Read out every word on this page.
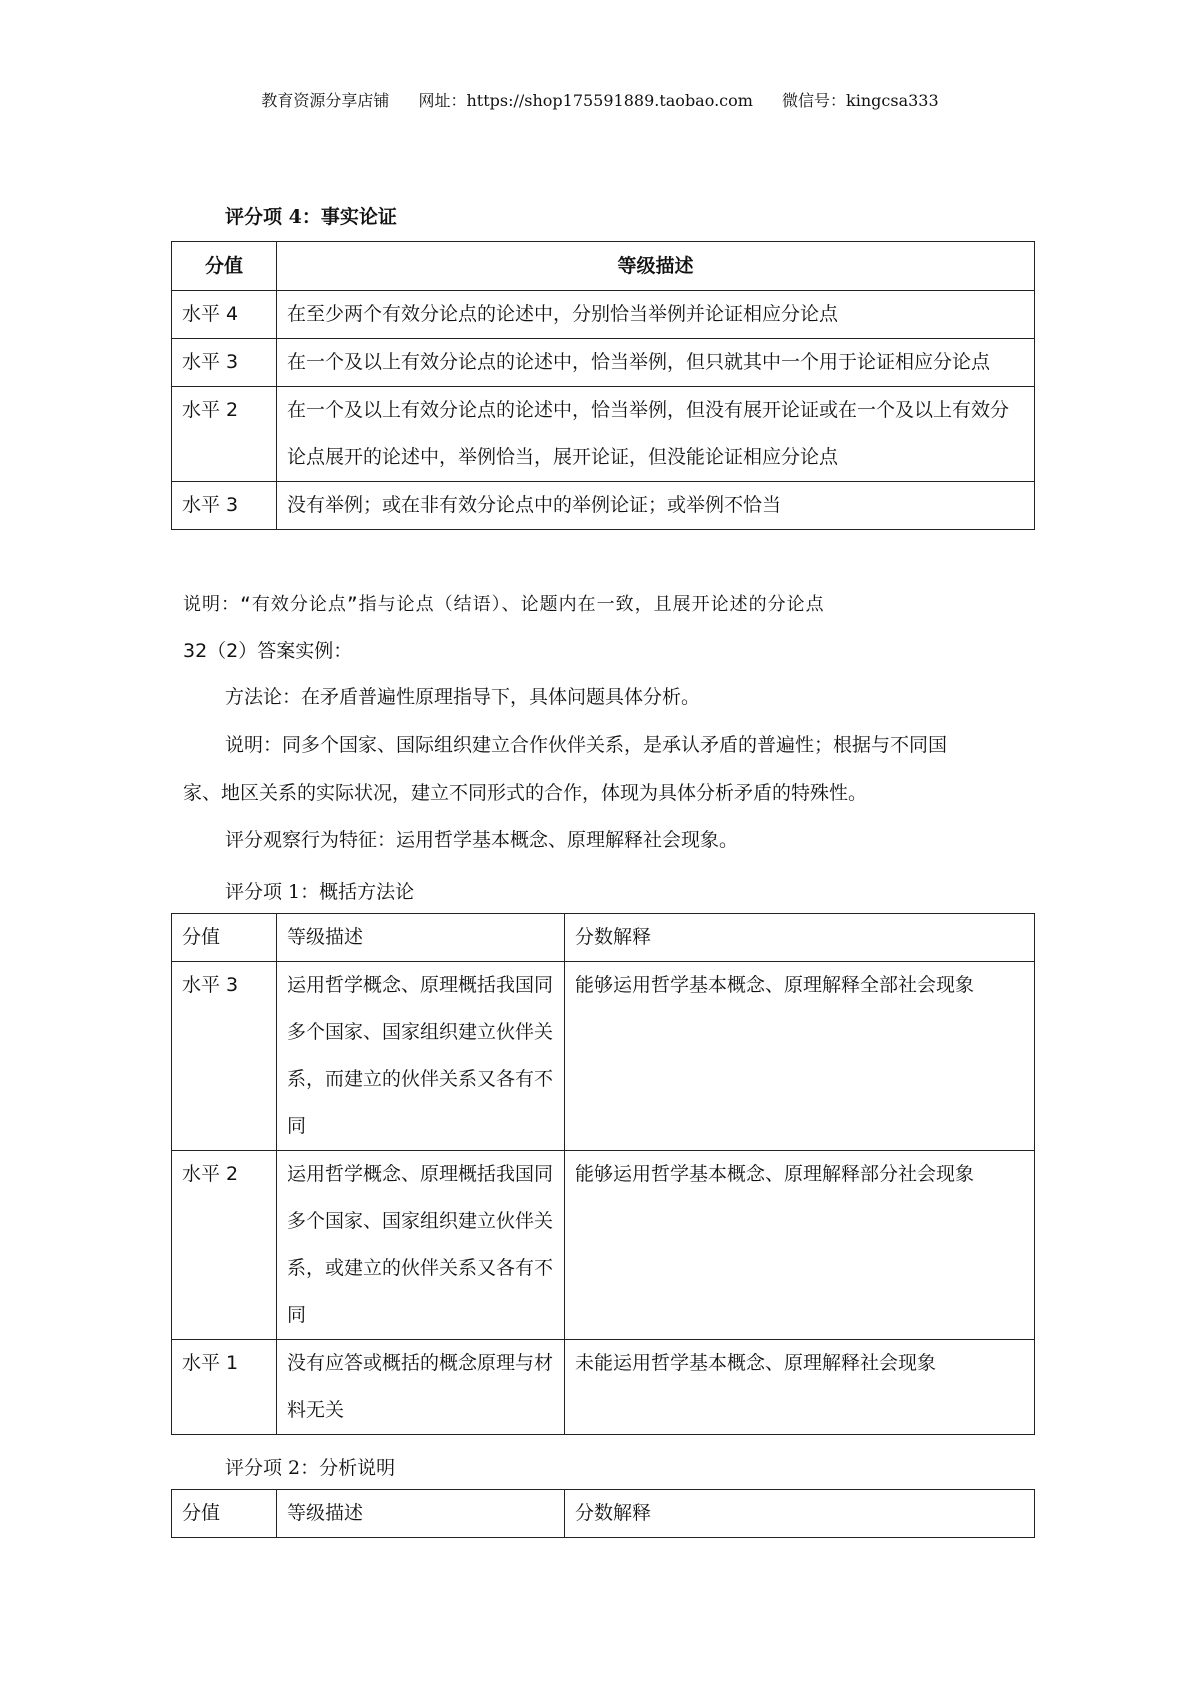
教育资源分享店铺 网址：https://shop175591889.taobao.com 微信号：kingcsa333
评分项 4：事实论证
分值	等级描述
水平 4	在至少两个有效分论点的论述中，分别恰当举例并论证相应分论点
水平 3	在一个及以上有效分论点的论述中，恰当举例，但只就其中一个用于论证相应分论点
水平 2	在一个及以上有效分论点的论述中，恰当举例，但没有展开论证或在一个及以上有效分论点展开的论述中，举例恰当，展开论证，但没能论证相应分论点
水平 3	没有举例；或在非有效分论点中的举例论证；或举例不恰当
说明：“有效分论点”指与论点（结语）、论题内在一致，且展开论述的分论点
32（2）答案实例：
方法论：在矛盾普遍性原理指导下，具体问题具体分析。
说明：同多个国家、国际组织建立合作伙伴关系，是承认矛盾的普遍性；根据与不同国
家、地区关系的实际状况，建立不同形式的合作，体现为具体分析矛盾的特殊性。
评分观察行为特征：运用哲学基本概念、原理解释社会现象。
评分项 1：概括方法论
分值	等级描述	分数解释
水平 3	运用哲学概念、原理概括我国同多个国家、国家组织建立伙伴关系，而建立的伙伴关系又各有不同	能够运用哲学基本概念、原理解释全部社会现象
水平 2	运用哲学概念、原理概括我国同多个国家、国家组织建立伙伴关系，或建立的伙伴关系又各有不同	能够运用哲学基本概念、原理解释部分社会现象
水平 1	没有应答或概括的概念原理与材料无关	未能运用哲学基本概念、原理解释社会现象
评分项 2：分析说明
分值	等级描述	分数解释
